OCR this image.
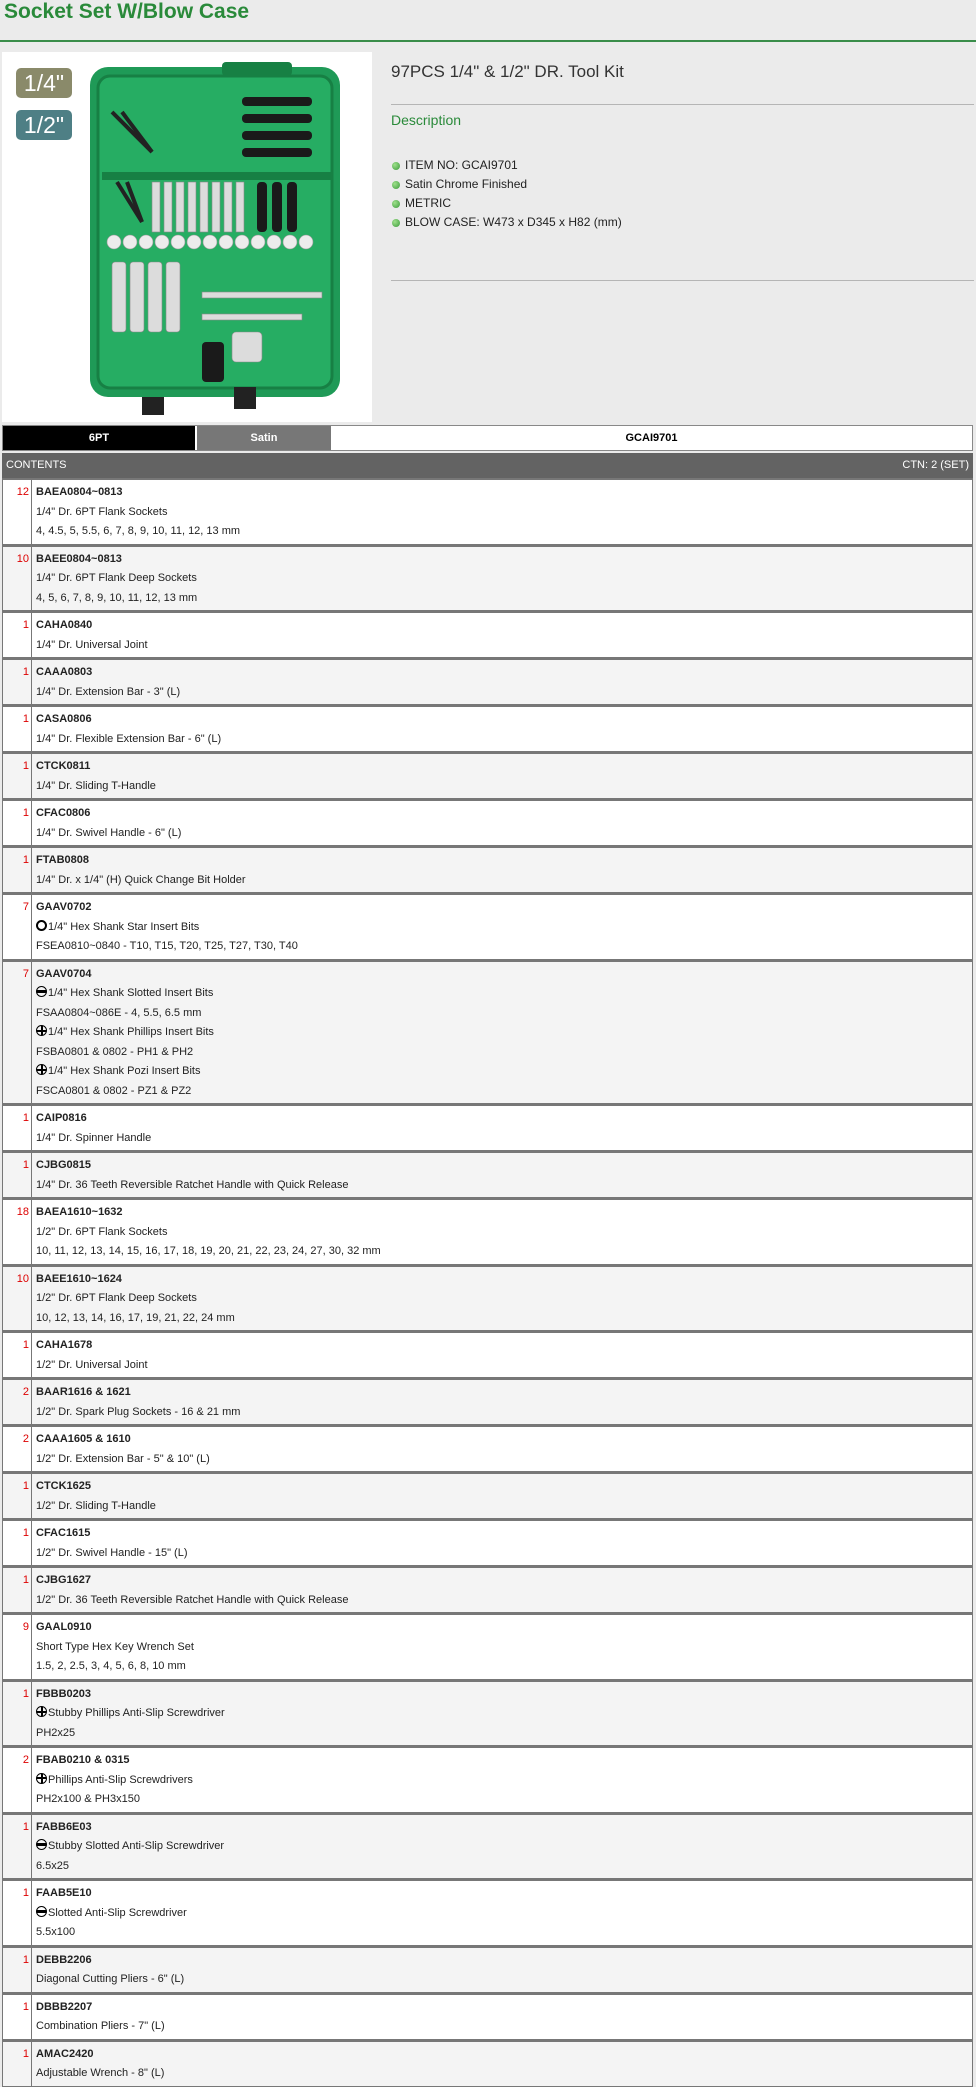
Socket Set W/Blow Case
1/4"
1/2"
97PCS 1/4" & 1/2" DR. Tool Kit
Description
ITEM NO: GCAI9701
Satin Chrome Finished
METRIC
BLOW CASE: W473 x D345 x H82 (mm)
6PT	Satin	GCAI9701
CONTENTS	CTN: 2 (SET)
12 BAEA0804~0813
1/4" Dr. 6PT Flank Sockets
4, 4.5, 5, 5.5, 6, 7, 8, 9, 10, 11, 12, 13 mm
10 BAEE0804~0813
1/4" Dr. 6PT Flank Deep Sockets
4, 5, 6, 7, 8, 9, 10, 11, 12, 13 mm
1 CAHA0840
1/4" Dr. Universal Joint
1 CAAA0803
1/4" Dr. Extension Bar - 3" (L)
1 CASA0806
1/4" Dr. Flexible Extension Bar - 6" (L)
1 CTCK0811
1/4" Dr. Sliding T-Handle
1 CFAC0806
1/4" Dr. Swivel Handle - 6" (L)
1 FTAB0808
1/4" Dr. x 1/4" (H) Quick Change Bit Holder
7 GAAV0702
1/4" Hex Shank Star Insert Bits
FSEA0810~0840 - T10, T15, T20, T25, T27, T30, T40
7 GAAV0704
1/4" Hex Shank Slotted Insert Bits
FSAA0804~086E - 4, 5.5, 6.5 mm
1/4" Hex Shank Phillips Insert Bits
FSBA0801 & 0802 - PH1 & PH2
1/4" Hex Shank Pozi Insert Bits
FSCA0801 & 0802 - PZ1 & PZ2
1 CAIP0816
1/4" Dr. Spinner Handle
1 CJBG0815
1/4" Dr. 36 Teeth Reversible Ratchet Handle with Quick Release
18 BAEA1610~1632
1/2" Dr. 6PT Flank Sockets
10, 11, 12, 13, 14, 15, 16, 17, 18, 19, 20, 21, 22, 23, 24, 27, 30, 32 mm
10 BAEE1610~1624
1/2" Dr. 6PT Flank Deep Sockets
10, 12, 13, 14, 16, 17, 19, 21, 22, 24 mm
1 CAHA1678
1/2" Dr. Universal Joint
2 BAAR1616 & 1621
1/2" Dr. Spark Plug Sockets - 16 & 21 mm
2 CAAA1605 & 1610
1/2" Dr. Extension Bar - 5" & 10" (L)
1 CTCK1625
1/2" Dr. Sliding T-Handle
1 CFAC1615
1/2" Dr. Swivel Handle - 15" (L)
1 CJBG1627
1/2" Dr. 36 Teeth Reversible Ratchet Handle with Quick Release
9 GAAL0910
Short Type Hex Key Wrench Set
1.5, 2, 2.5, 3, 4, 5, 6, 8, 10 mm
1 FBBB0203
Stubby Phillips Anti-Slip Screwdriver
PH2x25
2 FBAB0210 & 0315
Phillips Anti-Slip Screwdrivers
PH2x100 & PH3x150
1 FABB6E03
Stubby Slotted Anti-Slip Screwdriver
6.5x25
1 FAAB5E10
Slotted Anti-Slip Screwdriver
5.5x100
1 DEBB2206
Diagonal Cutting Pliers - 6" (L)
1 DBBB2207
Combination Pliers - 7" (L)
1 AMAC2420
Adjustable Wrench - 8" (L)
